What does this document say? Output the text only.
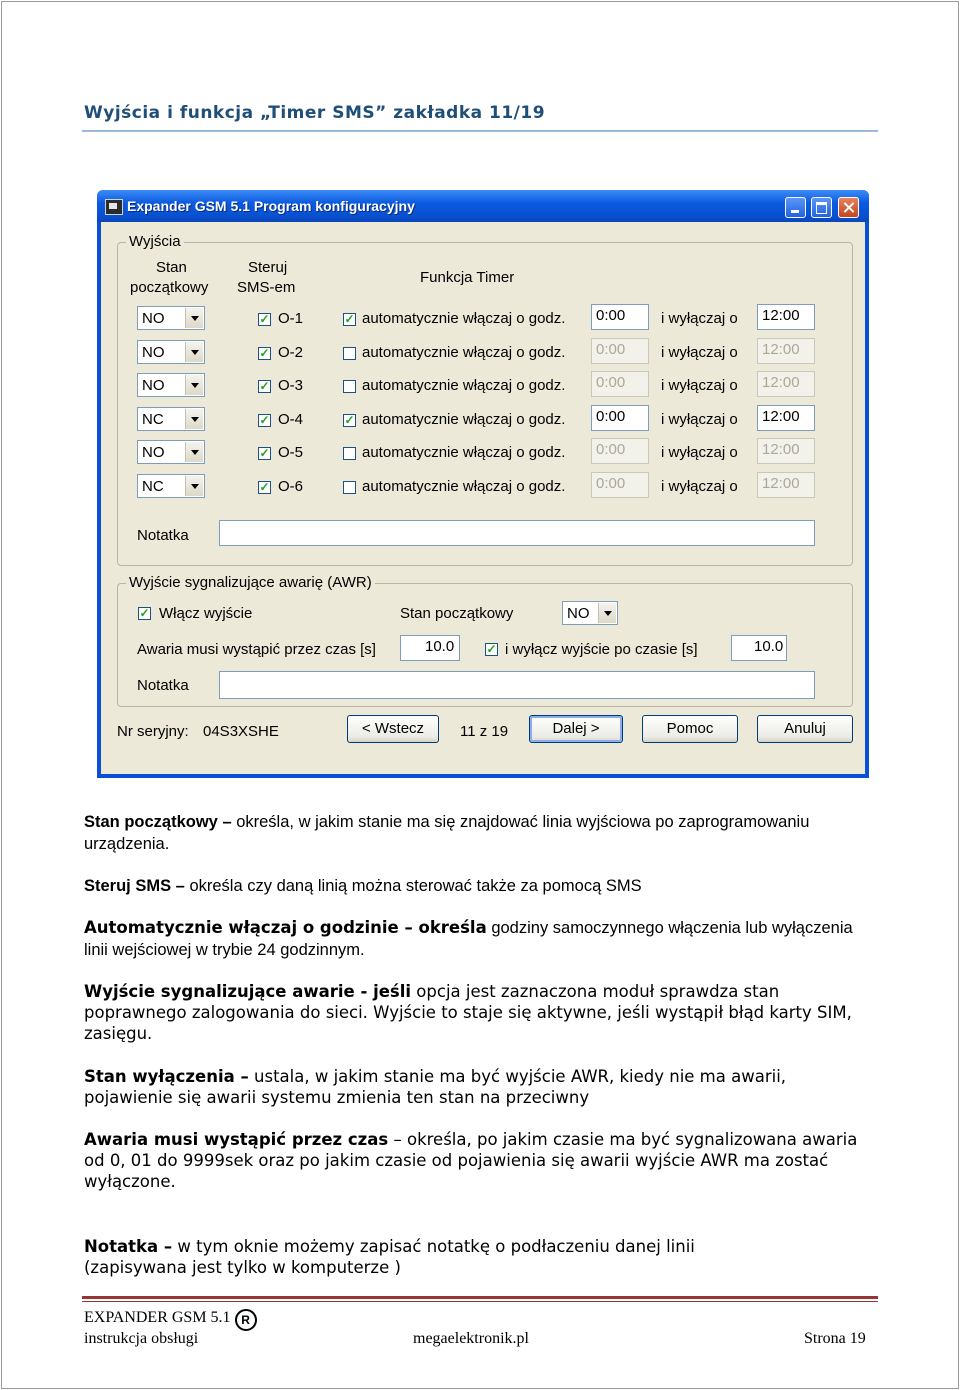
Wyjścia i funkcja „Timer SMS” zakładka 11/19
Expander GSM 5.1 Program konfiguracyjny
Wyjścia
Stan
początkowy
Steruj
SMS-em
Funkcja Timer
Notatka
Wyjście sygnalizujące awarię (AWR)
✓ Włącz wyjście	Stan początkowy	NO
Awaria musi wystąpić przez czas [s]	10.0	✓ i wyłącz wyjście po czasie [s]	10.0
Notatka
Nr seryjny: 04S3XSHE	< Wstecz	11 z 19	Dalej >	Pomoc	Anuluj
NO	✓ O-1	✓ automatycznie włączaj o godz.	0:00	i wyłączaj o	12:00
NO	✓ O-2	automatycznie włączaj o godz.	0:00	i wyłączaj o	12:00
NO	✓ O-3	automatycznie włączaj o godz.	0:00	i wyłączaj o	12:00
NC	✓ O-4	✓ automatycznie włączaj o godz.	0:00	i wyłączaj o	12:00
NO	✓ O-5	automatycznie włączaj o godz.	0:00	i wyłączaj o	12:00
NC	✓ O-6	automatycznie włączaj o godz.	0:00	i wyłączaj o	12:00
Stan początkowy – określa, w jakim stanie ma się znajdować linia wyjściowa po zaprogramowaniu urządzenia.
Steruj SMS – określa czy daną linią można sterować także za pomocą SMS
Automatycznie włączaj o godzinie – określa godziny samoczynnego włączenia lub wyłączenia linii wejściowej w trybie 24 godzinnym.
Wyjście sygnalizujące awarie - jeśli opcja jest zaznaczona moduł sprawdza stan poprawnego zalogowania do sieci. Wyjście to staje się aktywne, jeśli wystąpił błąd karty SIM, zasięgu.
Stan wyłączenia – ustala, w jakim stanie ma być wyjście AWR, kiedy nie ma awarii, pojawienie się awarii systemu zmienia ten stan na przeciwny
Awaria musi wystąpić przez czas – określa, po jakim czasie ma być sygnalizowana awaria od 0, 01 do 9999sek oraz po jakim czasie od pojawienia się awarii wyjście AWR ma zostać wyłączone.
Notatka – w tym oknie możemy zapisać notatkę o podłaczeniu danej linii
(zapisywana jest tylko w komputerze )
EXPANDER GSM 5.1 R
instrukcja obsługi	megaelektronik.pl	Strona 19
